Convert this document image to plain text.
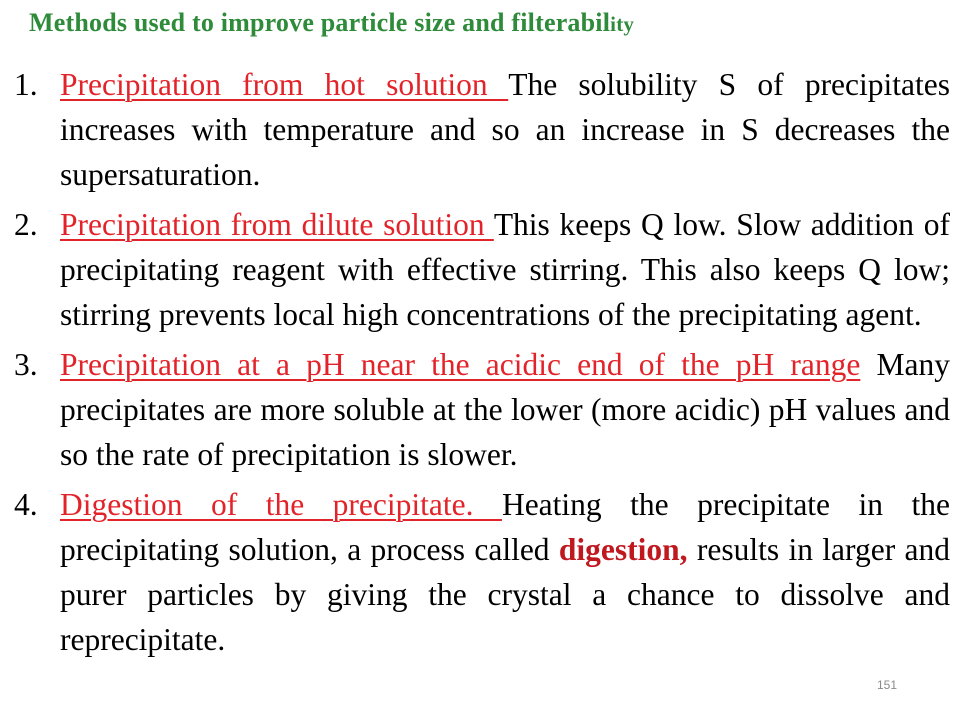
Methods used to improve particle size and filterability
1. Precipitation from hot solution The solubility S of precipitates increases with temperature and so an increase in S decreases the supersaturation.
2. Precipitation from dilute solution This keeps Q low. Slow addition of precipitating reagent with effective stirring. This also keeps Q low; stirring prevents local high concentrations of the precipitating agent.
3. Precipitation at a pH near the acidic end of the pH range Many precipitates are more soluble at the lower (more acidic) pH values and so the rate of precipitation is slower.
4. Digestion of the precipitate. Heating the precipitate in the precipitating solution, a process called digestion, results in larger and purer particles by giving the crystal a chance to dissolve and reprecipitate.
151
